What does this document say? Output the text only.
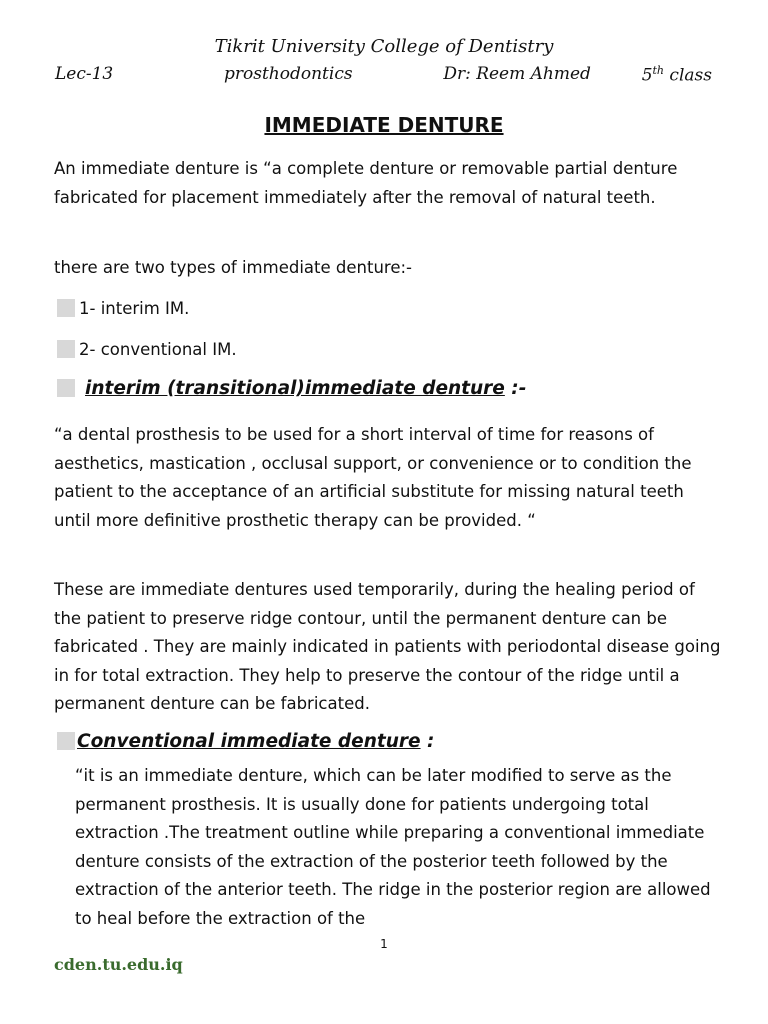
Tikrit University College of Dentistry
Lec-13	prosthodontics	Dr: Reem Ahmed	5th class
IMMEDIATE DENTURE

An immediate denture is “a complete denture or removable partial denture fabricated for placement immediately after the removal of natural teeth.

there are two types of immediate denture:-

1- interim IM.

2- conventional IM.

interim (transitional)immediate denture :-

“a dental prosthesis to be used for a short interval of time for reasons of aesthetics, mastication , occlusal support, or convenience or to condition the patient to the acceptance of an artificial substitute for missing natural teeth until more definitive prosthetic therapy can be provided. “

These are immediate dentures used temporarily, during the healing period of the patient to preserve ridge contour, until the permanent denture can be fabricated . They are mainly indicated in patients with periodontal disease going in for total extraction. They help to preserve the contour of the ridge until a permanent denture can be fabricated.

Conventional immediate denture :

“it is an immediate denture, which can be later modified to serve as the permanent prosthesis. It is usually done for patients undergoing total extraction .The treatment outline while preparing a conventional immediate denture consists of the extraction of the posterior teeth followed by the extraction of the anterior teeth. The ridge in the posterior region are allowed to heal before the extraction of the

1
cden.tu.edu.iq
